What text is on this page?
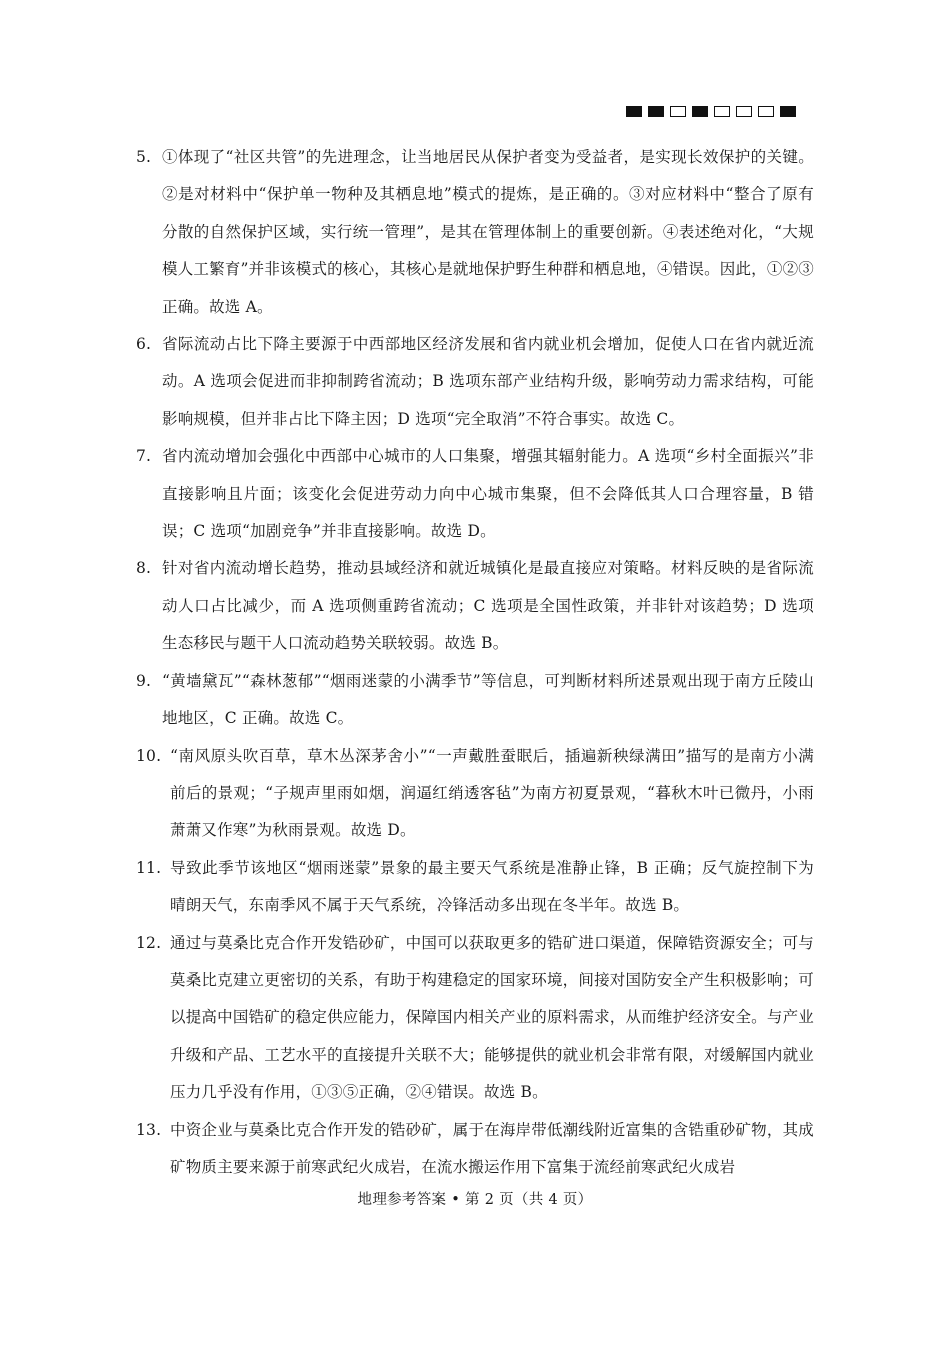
5. ①体现了“社区共管”的先进理念，让当地居民从保护者变为受益者，是实现长效保护的关键。②是对材料中“保护单一物种及其栖息地”模式的提炼，是正确的。③对应材料中“整合了原有分散的自然保护区域，实行统一管理”，是其在管理体制上的重要创新。④表述绝对化，“大规模人工繁育”并非该模式的核心，其核心是就地保护野生种群和栖息地，④错误。因此，①②③正确。故选 A。
6. 省际流动占比下降主要源于中西部地区经济发展和省内就业机会增加，促使人口在省内就近流动。A 选项会促进而非抑制跨省流动；B 选项东部产业结构升级，影响劳动力需求结构，可能影响规模，但并非占比下降主因；D 选项“完全取消”不符合事实。故选 C。
7. 省内流动增加会强化中西部中心城市的人口集聚，增强其辐射能力。A 选项“乡村全面振兴”非直接影响且片面；该变化会促进劳动力向中心城市集聚，但不会降低其人口合理容量，B 错误；C 选项“加剧竞争”并非直接影响。故选 D。
8. 针对省内流动增长趋势，推动县域经济和就近城镇化是最直接应对策略。材料反映的是省际流动人口占比减少，而 A 选项侧重跨省流动；C 选项是全国性政策，并非针对该趋势；D 选项生态移民与题干人口流动趋势关联较弱。故选 B。
9. “黄墙黛瓦”“森林葱郁”“烟雨迷蒙的小满季节”等信息，可判断材料所述景观出现于南方丘陵山地地区，C 正确。故选 C。
10. “南风原头吹百草，草木丛深茅舍小”“一声戴胜蚕眠后，插遍新秧绿满田”描写的是南方小满前后的景观；“子规声里雨如烟，润逼红绡透客毡”为南方初夏景观，“暮秋木叶已微丹，小雨萧萧又作寒”为秋雨景观。故选 D。
11. 导致此季节该地区“烟雨迷蒙”景象的最主要天气系统是准静止锋，B 正确；反气旋控制下为晴朗天气，东南季风不属于天气系统，冷锋活动多出现在冬半年。故选 B。
12. 通过与莫桑比克合作开发锆砂矿，中国可以获取更多的锆矿进口渠道，保障锆资源安全；可与莫桑比克建立更密切的关系，有助于构建稳定的国家环境，间接对国防安全产生积极影响；可以提高中国锆矿的稳定供应能力，保障国内相关产业的原料需求，从而维护经济安全。与产业升级和产品、工艺水平的直接提升关联不大；能够提供的就业机会非常有限，对缓解国内就业压力几乎没有作用，①③⑤正确，②④错误。故选 B。
13. 中资企业与莫桑比克合作开发的锆砂矿，属于在海岸带低潮线附近富集的含锆重砂矿物，其成矿物质主要来源于前寒武纪火成岩，在流水搬运作用下富集于流经前寒武纪火成岩
地理参考答案 • 第 2 页（共 4 页）
